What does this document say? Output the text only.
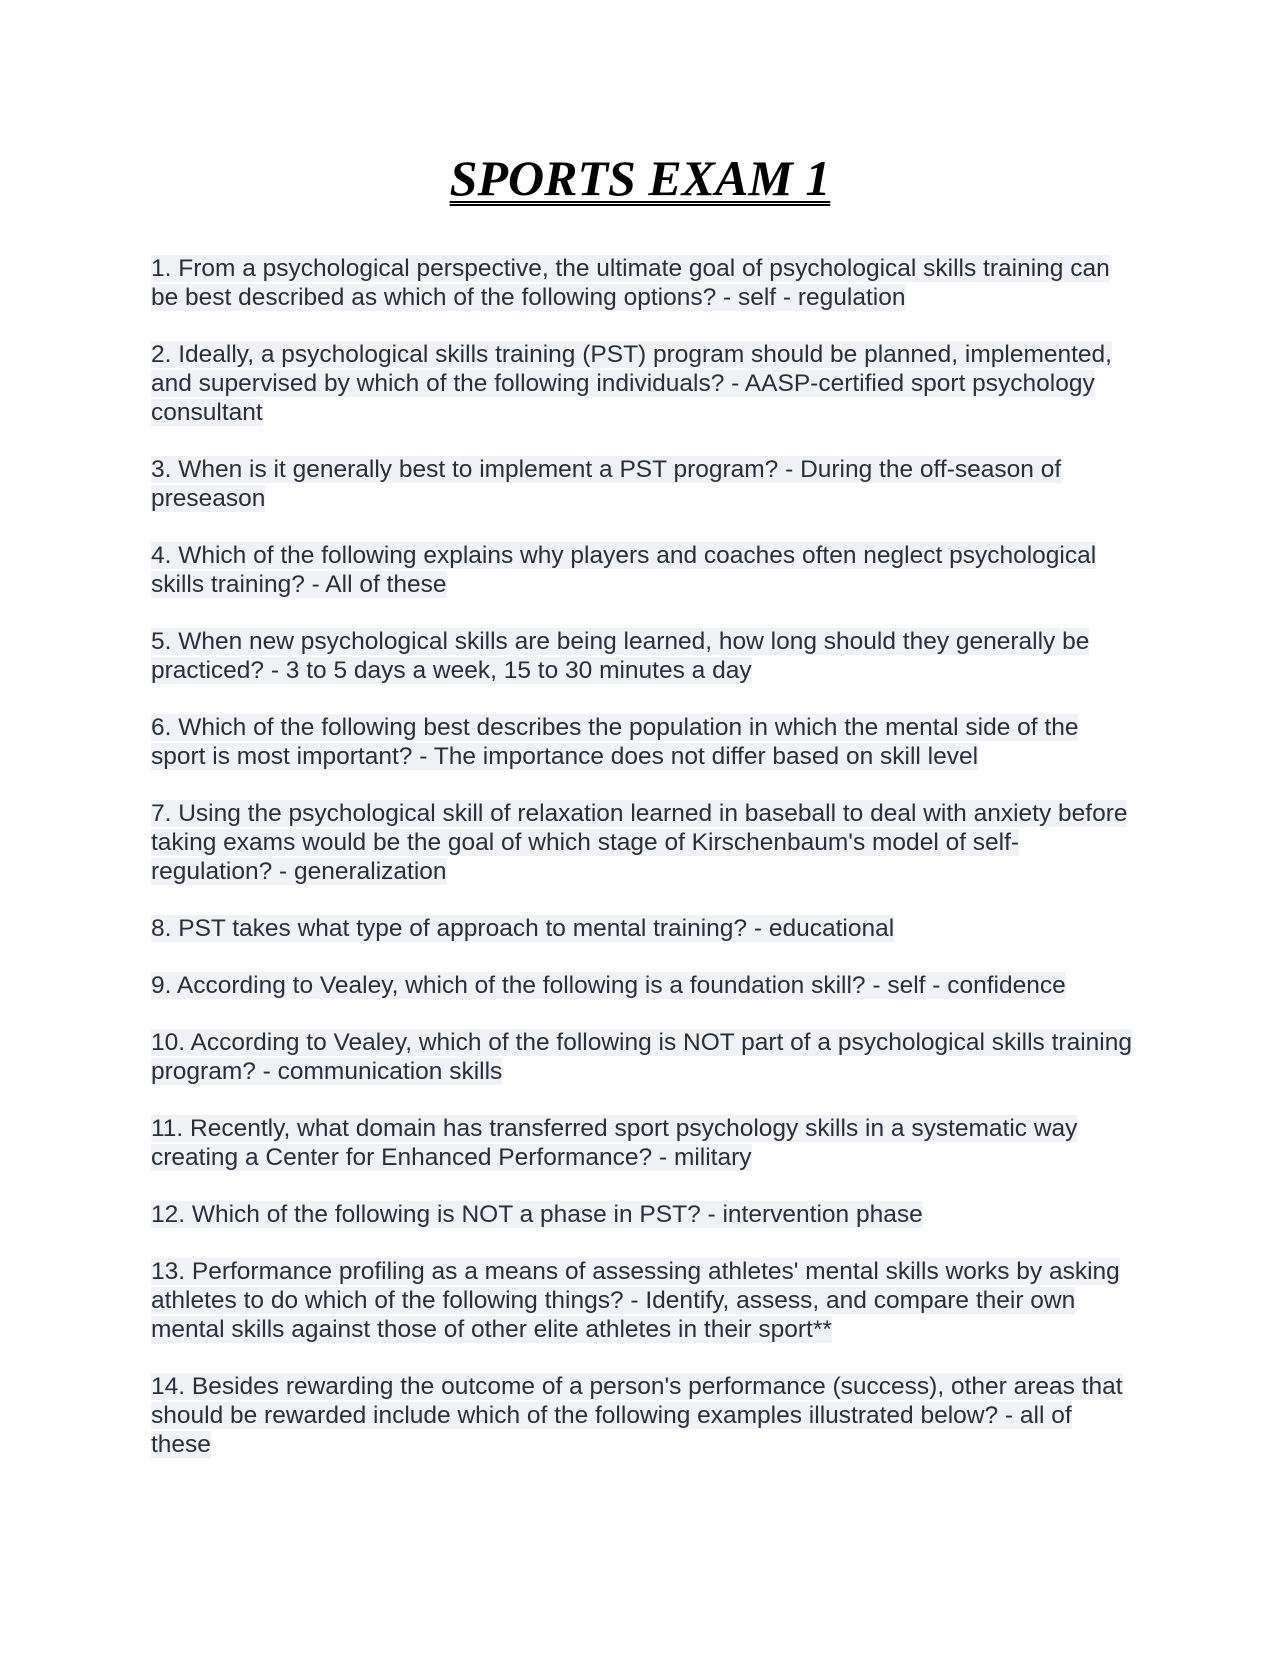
SPORTS EXAM 1

1. From a psychological perspective, the ultimate goal of psychological skills training can be best described as which of the following options? - self - regulation

2. Ideally, a psychological skills training (PST) program should be planned, implemented, and supervised by which of the following individuals? - AASP-certified sport psychology consultant

3. When is it generally best to implement a PST program? - During the off-season of preseason

4. Which of the following explains why players and coaches often neglect psychological skills training? - All of these

5. When new psychological skills are being learned, how long should they generally be practiced? - 3 to 5 days a week, 15 to 30 minutes a day

6. Which of the following best describes the population in which the mental side of the sport is most important? - The importance does not differ based on skill level

7. Using the psychological skill of relaxation learned in baseball to deal with anxiety before taking exams would be the goal of which stage of Kirschenbaum's model of self-regulation? - generalization

8. PST takes what type of approach to mental training? - educational

9. According to Vealey, which of the following is a foundation skill? - self - confidence

10. According to Vealey, which of the following is NOT part of a psychological skills training program? - communication skills

11. Recently, what domain has transferred sport psychology skills in a systematic way creating a Center for Enhanced Performance? - military

12. Which of the following is NOT a phase in PST? - intervention phase

13. Performance profiling as a means of assessing athletes' mental skills works by asking athletes to do which of the following things? - Identify, assess, and compare their own mental skills against those of other elite athletes in their sport**

14. Besides rewarding the outcome of a person's performance (success), other areas that should be rewarded include which of the following examples illustrated below? - all of these
